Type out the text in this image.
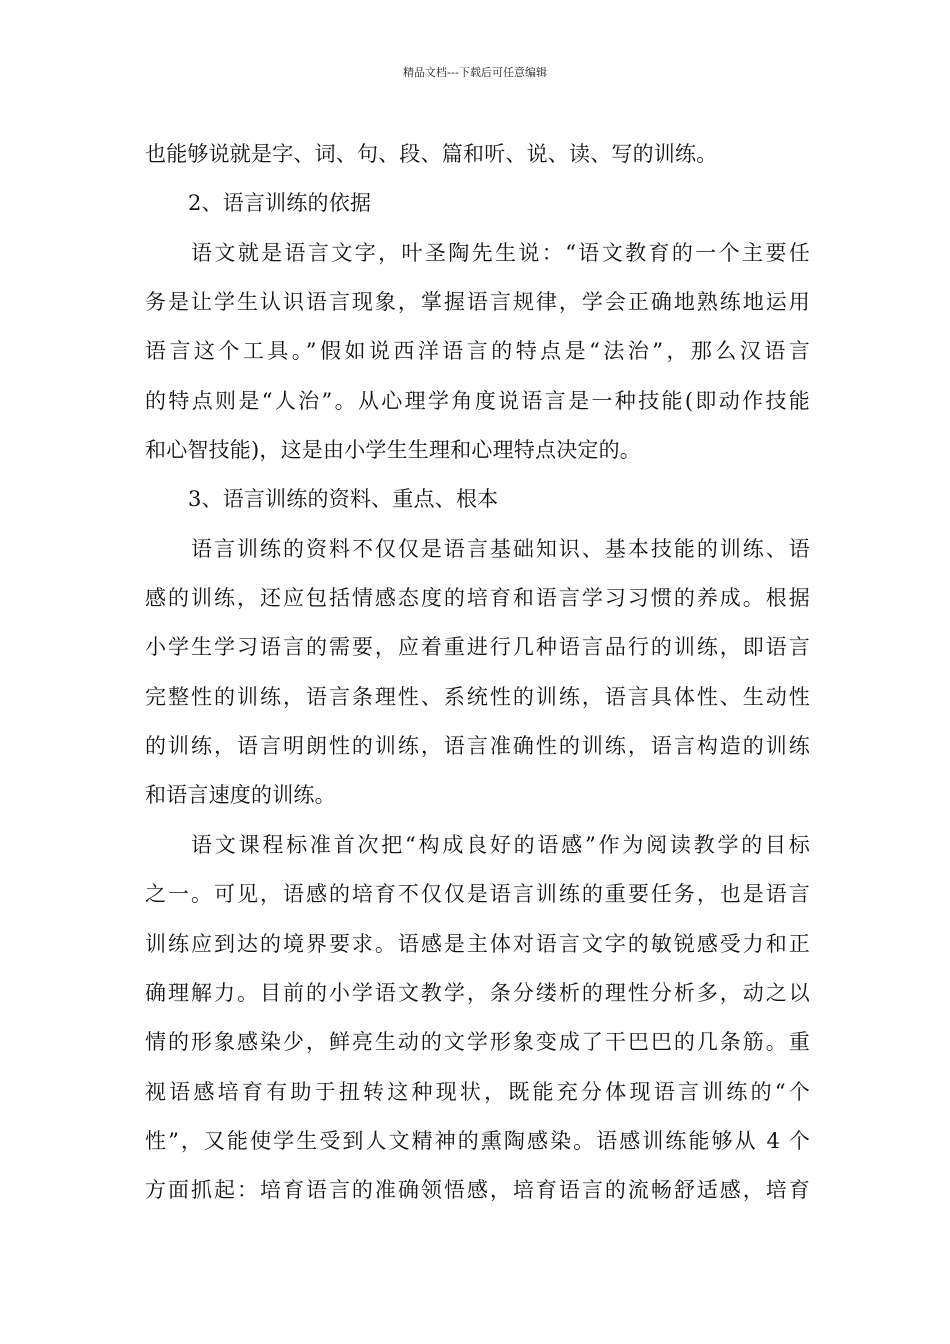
精品文档---下载后可任意编辑
也能够说就是字、词、句、段、篇和听、说、读、写的训练。
2、语言训练的依据
语文就是语言文字，叶圣陶先生说：“语文教育的一个主要任
务是让学生认识语言现象，掌握语言规律，学会正确地熟练地运用
语言这个工具。”假如说西洋语言的特点是“法治”，那么汉语言
的特点则是“人治”。从心理学角度说语言是一种技能(即动作技能
和心智技能)，这是由小学生生理和心理特点决定的。
3、语言训练的资料、重点、根本
语言训练的资料不仅仅是语言基础知识、基本技能的训练、语
感的训练，还应包括情感态度的培育和语言学习习惯的养成。根据
小学生学习语言的需要，应着重进行几种语言品行的训练，即语言
完整性的训练，语言条理性、系统性的训练，语言具体性、生动性
的训练，语言明朗性的训练，语言准确性的训练，语言构造的训练
和语言速度的训练。
语文课程标准首次把“构成良好的语感”作为阅读教学的目标
之一。可见，语感的培育不仅仅是语言训练的重要任务，也是语言
训练应到达的境界要求。语感是主体对语言文字的敏锐感受力和正
确理解力。目前的小学语文教学，条分缕析的理性分析多，动之以
情的形象感染少，鲜亮生动的文学形象变成了干巴巴的几条筋。重
视语感培育有助于扭转这种现状，既能充分体现语言训练的“个
性”，又能使学生受到人文精神的熏陶感染。语感训练能够从 4 个
方面抓起：培育语言的准确领悟感，培育语言的流畅舒适感，培育
